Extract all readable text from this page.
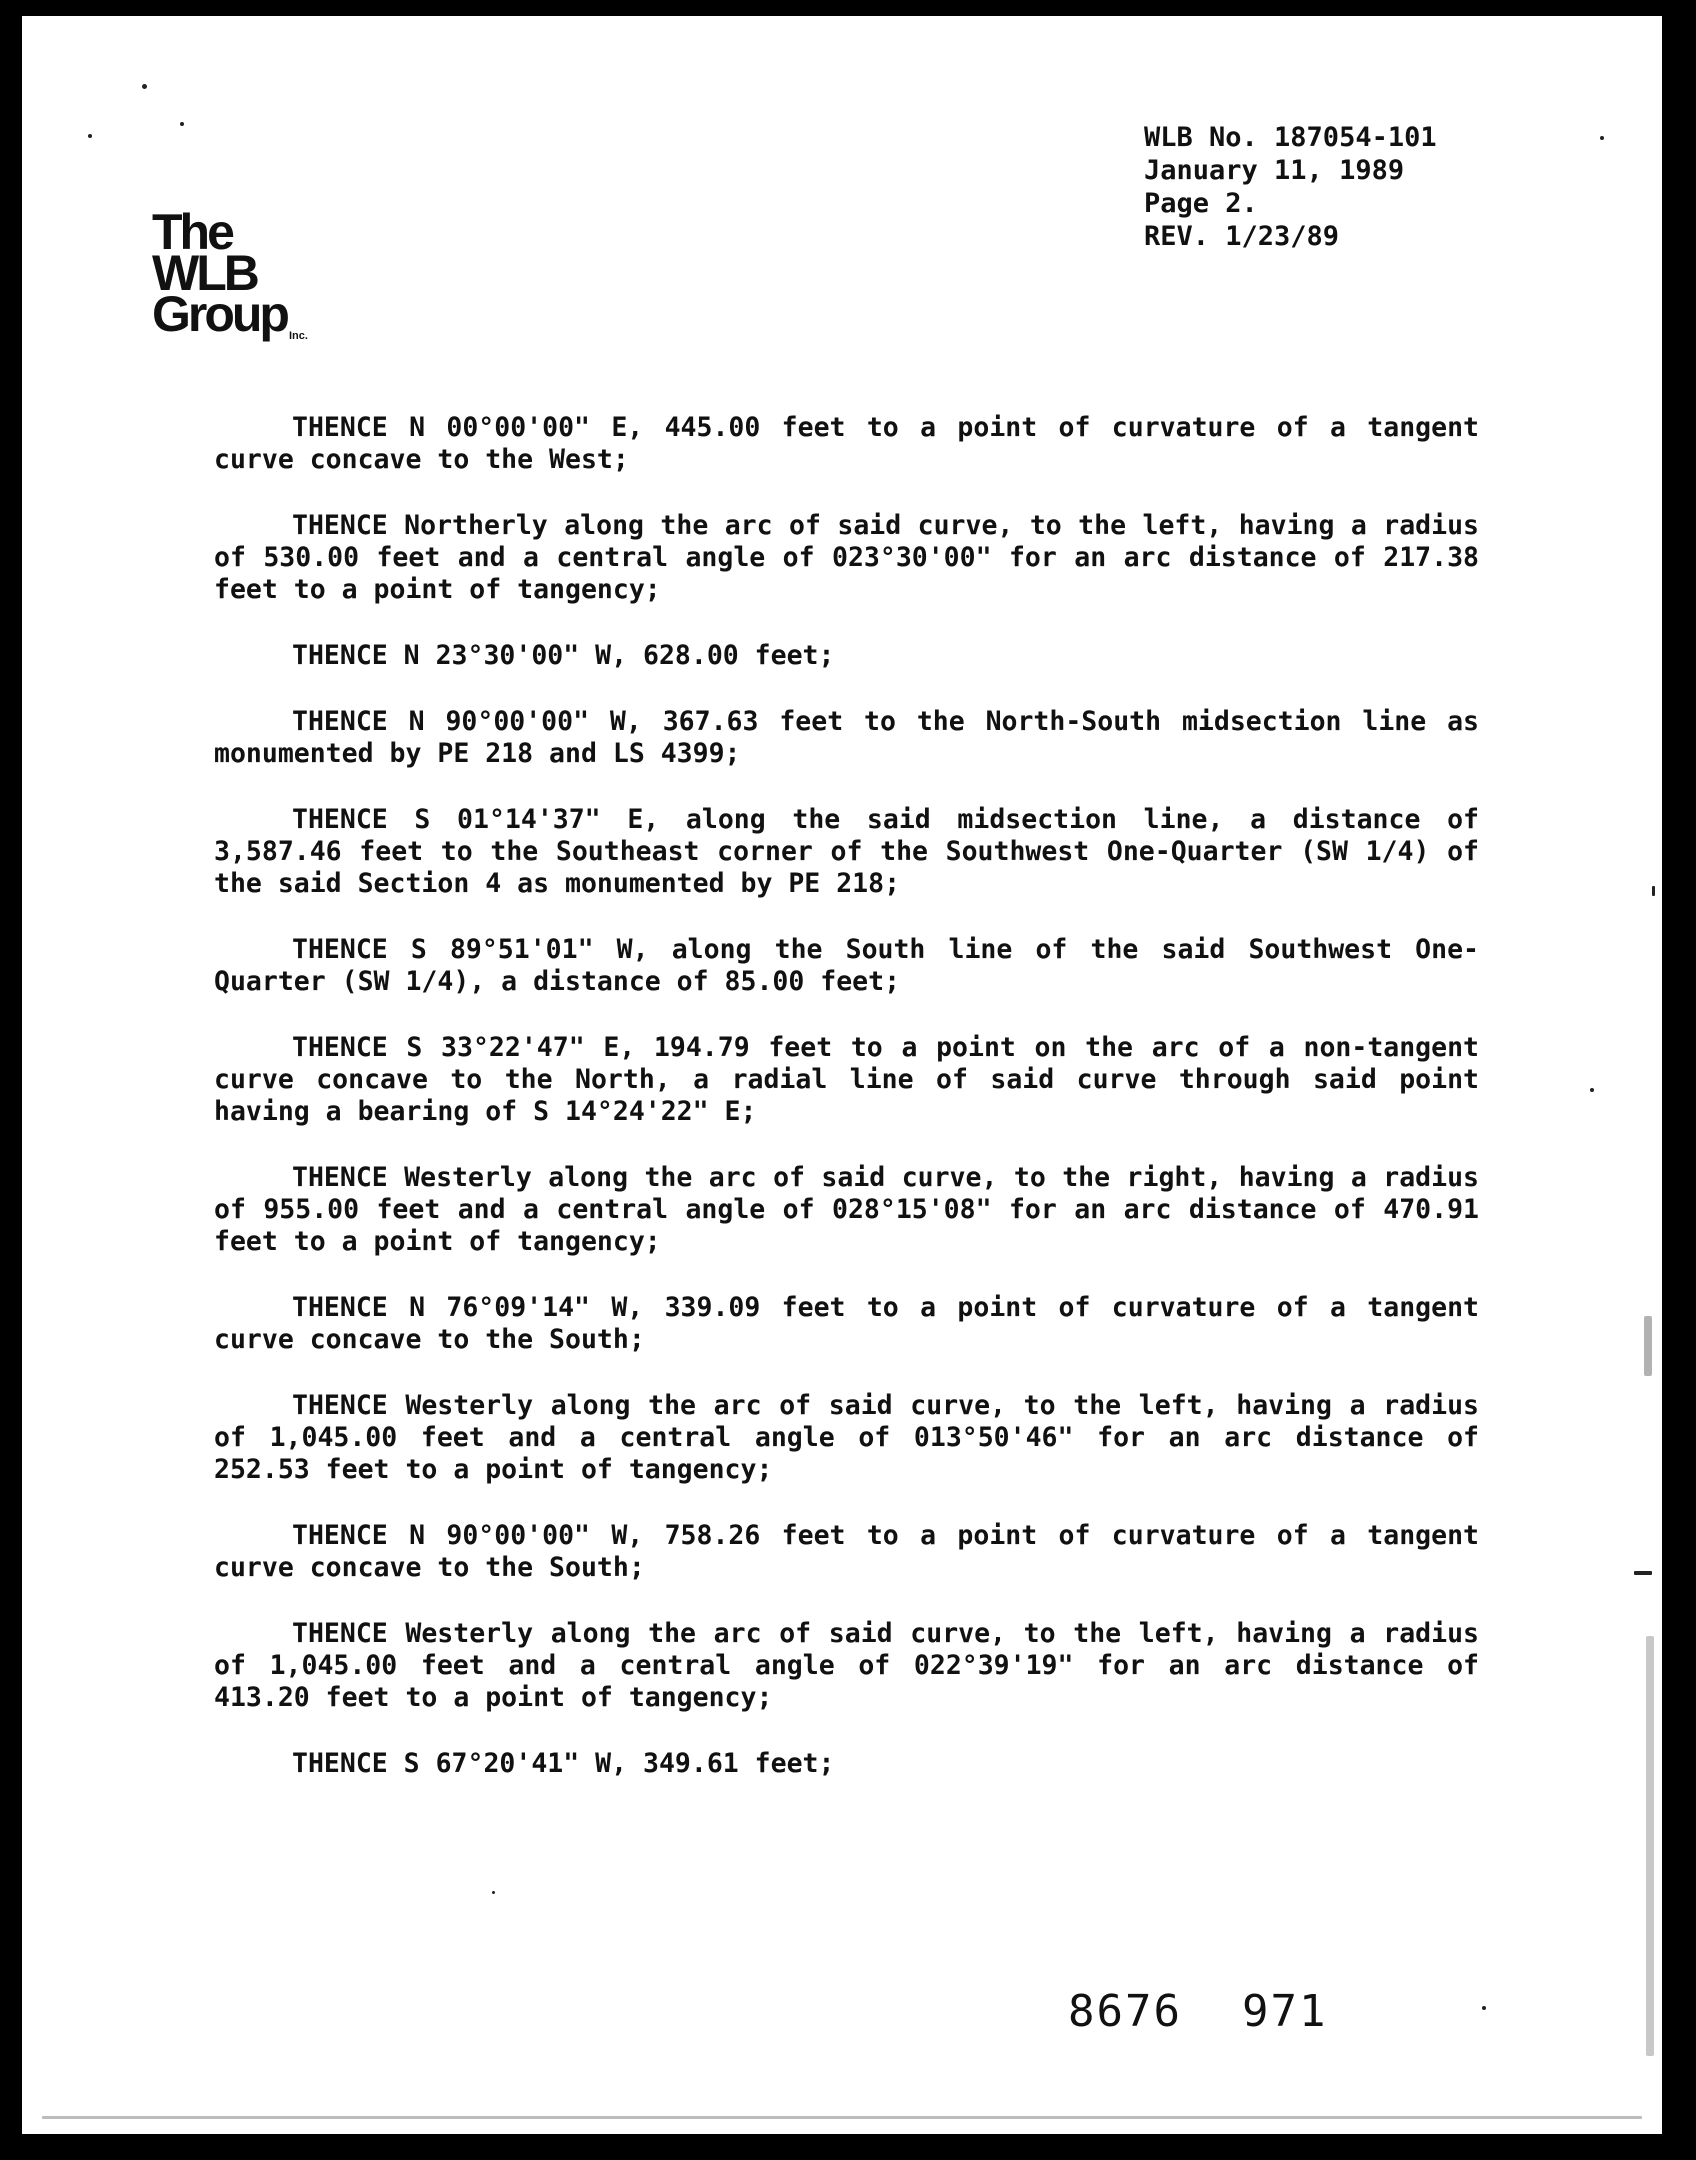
The
WLB
Group Inc.
WLB No. 187054-101
January 11, 1989
Page 2.
REV. 1/23/89

THENCE N 00°00'00" E, 445.00 feet to a point of curvature of a tangent curve concave to the West;

THENCE Northerly along the arc of said curve, to the left, having a radius of 530.00 feet and a central angle of 023°30'00" for an arc distance of 217.38 feet to a point of tangency;

THENCE N 23°30'00" W, 628.00 feet;

THENCE N 90°00'00" W, 367.63 feet to the North-South midsection line as monumented by PE 218 and LS 4399;

THENCE S 01°14'37" E, along the said midsection line, a distance of 3,587.46 feet to the Southeast corner of the Southwest One-Quarter (SW 1/4) of the said Section 4 as monumented by PE 218;

THENCE S 89°51'01" W, along the South line of the said Southwest One-Quarter (SW 1/4), a distance of 85.00 feet;

THENCE S 33°22'47" E, 194.79 feet to a point on the arc of a non-tangent curve concave to the North, a radial line of said curve through said point having a bearing of S 14°24'22" E;

THENCE Westerly along the arc of said curve, to the right, having a radius of 955.00 feet and a central angle of 028°15'08" for an arc distance of 470.91 feet to a point of tangency;

THENCE N 76°09'14" W, 339.09 feet to a point of curvature of a tangent curve concave to the South;

THENCE Westerly along the arc of said curve, to the left, having a radius of 1,045.00 feet and a central angle of 013°50'46" for an arc distance of 252.53 feet to a point of tangency;

THENCE N 90°00'00" W, 758.26 feet to a point of curvature of a tangent curve concave to the South;

THENCE Westerly along the arc of said curve, to the left, having a radius of 1,045.00 feet and a central angle of 022°39'19" for an arc distance of 413.20 feet to a point of tangency;

THENCE S 67°20'41" W, 349.61 feet;

8676 971
